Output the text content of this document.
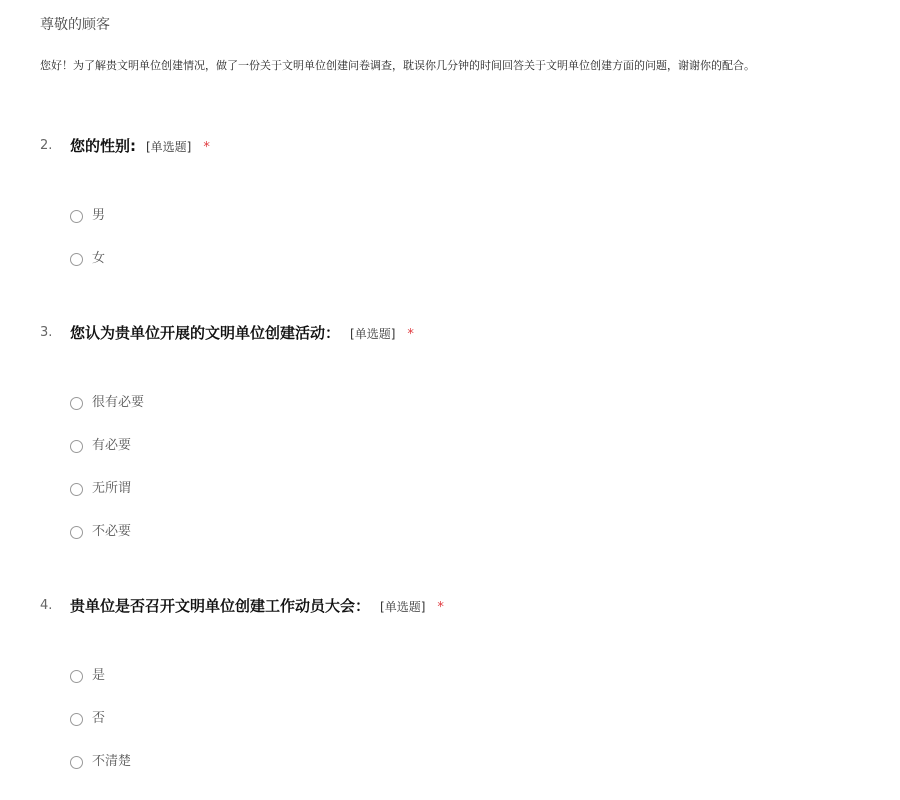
尊敬的顾客
您好！为了解贵文明单位创建情况，做了一份关于文明单位创建问卷调查，耽误你几分钟的时间回答关于文明单位创建方面的问题，谢谢你的配合。
2. 您的性别: [单选题] *
男
女
3. 您认为贵单位开展的文明单位创建活动： [单选题] *
很有必要
有必要
无所谓
不必要
4. 贵单位是否召开文明单位创建工作动员大会： [单选题] *
是
否
不清楚
